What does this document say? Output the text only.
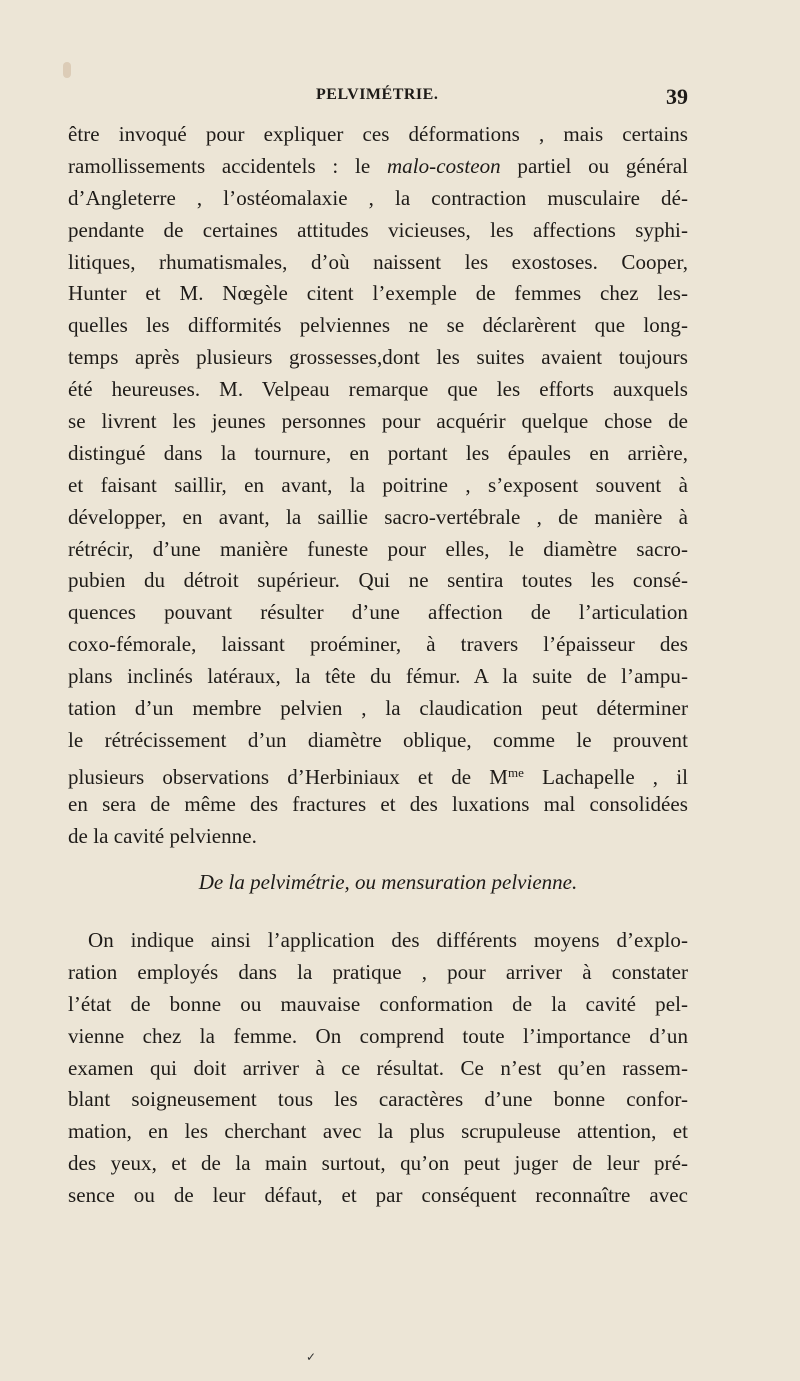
PELVIMÉTRIE.	39
être invoqué pour expliquer ces déformations , mais certains
ramollissements accidentels : le malo-costeon partiel ou général
d’Angleterre , l’ostéomalaxie , la contraction musculaire dé-
pendante de certaines attitudes vicieuses, les affections syphi-
litiques, rhumatismales, d’où naissent les exostoses. Cooper,
Hunter et M. Nœgèle citent l’exemple de femmes chez les-
quelles les difformités pelviennes ne se déclarèrent que long-
temps après plusieurs grossesses,dont les suites avaient toujours
été heureuses. M. Velpeau remarque que les efforts auxquels
se livrent les jeunes personnes pour acquérir quelque chose de
distingué dans la tournure, en portant les épaules en arrière,
et faisant saillir, en avant, la poitrine , s’exposent souvent à
développer, en avant, la saillie sacro-vertébrale , de manière à
rétrécir, d’une manière funeste pour elles, le diamètre sacro-
pubien du détroit supérieur. Qui ne sentira toutes les consé-
quences pouvant résulter d’une affection de l’articulation
coxo-fémorale, laissant proéminer, à travers l’épaisseur des
plans inclinés latéraux, la tête du fémur. A la suite de l’ampu-
tation d’un membre pelvien , la claudication peut déterminer
le rétrécissement d’un diamètre oblique, comme le prouvent
plusieurs observations d’Herbiniaux et de $M^{me}$ Lachapelle , il
en sera de même des fractures et des luxations mal consolidées
de la cavité pelvienne.
De la pelvimétrie, ou mensuration pelvienne.
On indique ainsi l’application des différents moyens d’explo-
ration employés dans la pratique , pour arriver à constater
l’état de bonne ou mauvaise conformation de la cavité pel-
vienne chez la femme. On comprend toute l’importance d’un
examen qui doit arriver à ce résultat. Ce n’est qu’en rassem-
blant soigneusement tous les caractères d’une bonne confor-
mation, en les cherchant avec la plus scrupuleuse attention, et
des yeux, et de la main surtout, qu’on peut juger de leur pré-
sence ou de leur défaut, et par conséquent reconnaître avec
✓
